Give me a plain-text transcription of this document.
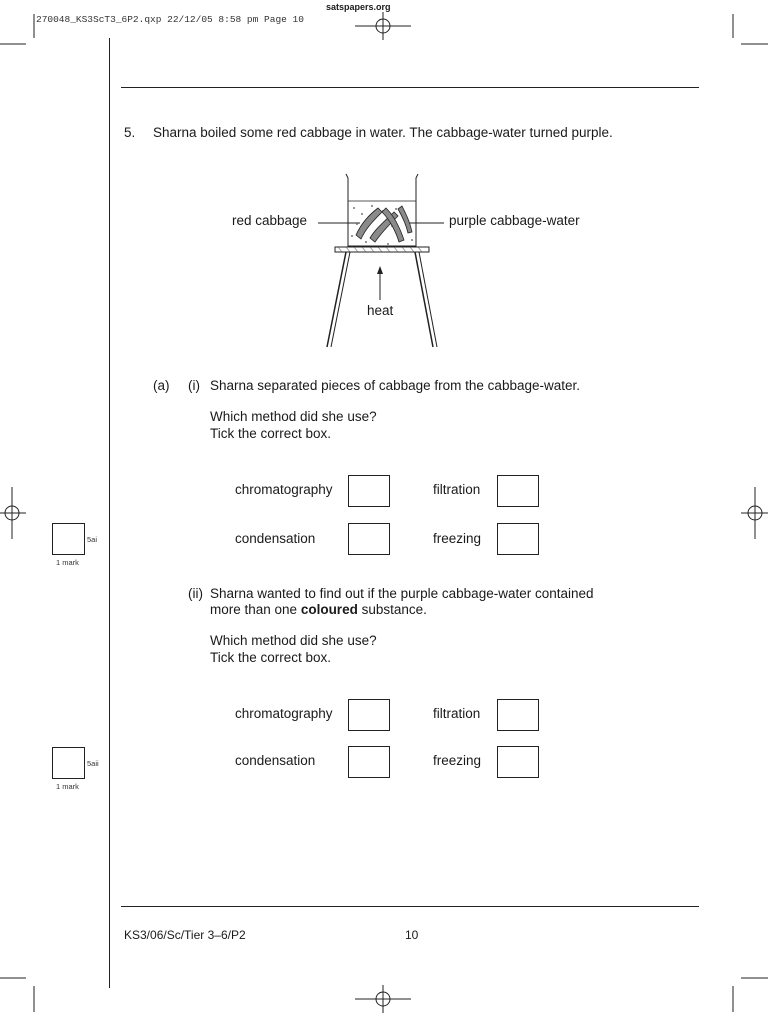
270048_KS3ScT3_6P2.qxp 22/12/05 8:58 pm Page 10
satspapers.org
5. Sharna boiled some red cabbage in water. The cabbage-water turned purple.
red cabbage	purple cabbage-water
heat
(a) (i) Sharna separated pieces of cabbage from the cabbage-water.
Which method did she use?
Tick the correct box.
chromatography	filtration
condensation	freezing
5ai
1 mark
(ii) Sharna wanted to find out if the purple cabbage-water contained
more than one coloured substance.
Which method did she use?
Tick the correct box.
chromatography	filtration
condensation	freezing
5aii
1 mark
KS3/06/Sc/Tier 3–6/P2	10
